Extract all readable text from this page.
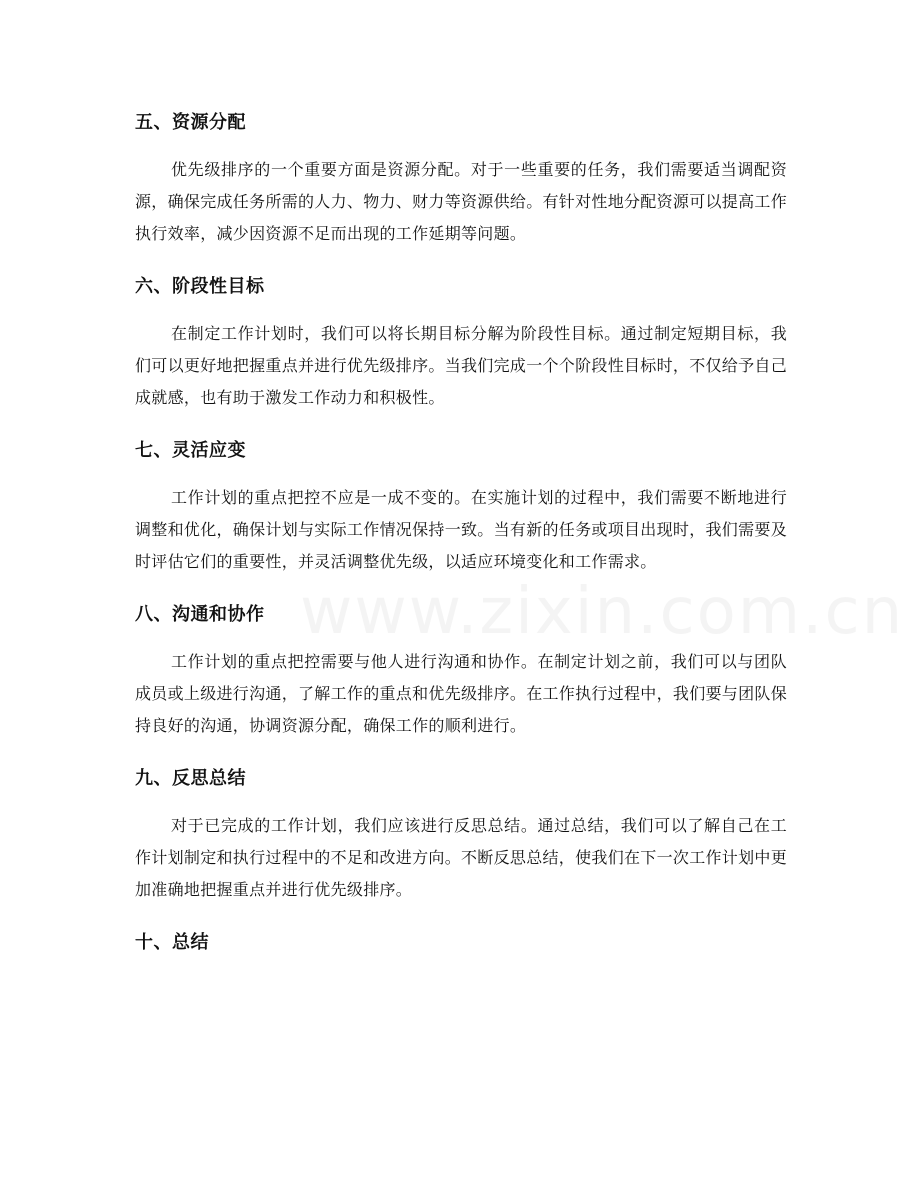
www.zixin.com.cn
五、资源分配

优先级排序的一个重要方面是资源分配。对于一些重要的任务，我们需要适当调配资源，确保完成任务所需的人力、物力、财力等资源供给。有针对性地分配资源可以提高工作执行效率，减少因资源不足而出现的工作延期等问题。

六、阶段性目标

在制定工作计划时，我们可以将长期目标分解为阶段性目标。通过制定短期目标，我们可以更好地把握重点并进行优先级排序。当我们完成一个个阶段性目标时，不仅给予自己成就感，也有助于激发工作动力和积极性。

七、灵活应变

工作计划的重点把控不应是一成不变的。在实施计划的过程中，我们需要不断地进行调整和优化，确保计划与实际工作情况保持一致。当有新的任务或项目出现时，我们需要及时评估它们的重要性，并灵活调整优先级，以适应环境变化和工作需求。

八、沟通和协作

工作计划的重点把控需要与他人进行沟通和协作。在制定计划之前，我们可以与团队成员或上级进行沟通，了解工作的重点和优先级排序。在工作执行过程中，我们要与团队保持良好的沟通，协调资源分配，确保工作的顺利进行。

九、反思总结

对于已完成的工作计划，我们应该进行反思总结。通过总结，我们可以了解自己在工作计划制定和执行过程中的不足和改进方向。不断反思总结，使我们在下一次工作计划中更加准确地把握重点并进行优先级排序。

十、总结
